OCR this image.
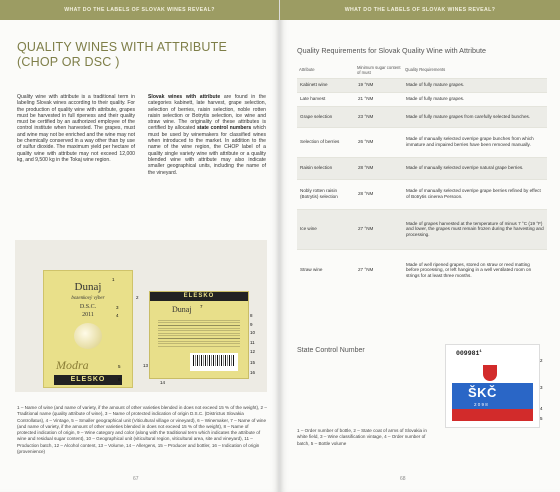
WHAT DO THE LABELS OF SLOVAK WINES REVEAL?
QUALITY WINES WITH ATTRIBUTE
(CHOP OR DSC )
Quality wine with attribute is a traditional term in labeling Slovak wines according to their quality. For the production of quality wine with attribute, grapes must be harvested in full ripeness and their quality must be certified by an authorized employee of the control institute when harvested. The grapes, must and wine may not be enriched and the wine may not be chemically conserved in a way other than by use of sulfur dioxide. The maximum yield per hectare of quality wine with attribute may not exceed 12,000 kg, and 9,500 kg in the Tokaj wine region.
Slovak wines with attribute are found in the categories kabinett, late harvest, grape selection, selection of berries, raisin selection, noble rotten raisin selection or Botrytis selection, ice wine and straw wine. The originality of these attributes is certified by allocated state control numbers which must be used by winemakers for classified wines when introduced to the market. In addition to the name of the wine region, the CHOP label of a quality single variety wine with attribute or a quality blended wine with attribute may also indicate smaller geographical units, including the name of the vineyard.
Dunaj
bozenkový výber
D.S.C.
2011
Modra
ELESKO
ELESKO
Dunaj
1
2
3
4
5
6
7
8
9
10
11
12
13
14
15
16
1 – Name of wine (and name of variety, if the amount of other varieties blended in does not exceed 15 % of the weight), 2 – Traditional name (quality attribute of wine), 3 – Name of protected indication of origin D.S.C. (Districtus Slovakia Controllatus), 4 – Vintage, 5 – Smaller geographical unit (Viticultural village or vineyard), 6 – Winemaker, 7 – Name of wine (and name of variety, if the amount of other varieties blended in does not exceed 15 % of the weight), 8 – Name of protected indication of origin, 9 – Wine category and color (along with the traditional term which indicates the attribute of wine and residual sugar content), 10 – Geographical unit (viticultural region, viticultural area, site and vineyard), 11 – Production batch, 12 – Alcohol content, 13 – Volume, 14 – Allergens, 15 – Producer and bottler, 16 – Indication of origin (provenience)
67
WHAT DO THE LABELS OF SLOVAK WINES REVEAL?
Quality Requirements for Slovak Quality Wine with Attribute
Attribute	Minimum sugar content of must	Quality Requirements
Kabinett wine	19 °NM	Made of fully mature grapes.
Late harvest	21 °NM	Made of fully mature grapes.
Grape selection	23 °NM	Made of fully mature grapes from carefully selected bunches.
Selection of berries	26 °NM	Made of manually selected overripe grape bunches from which immature and impaired berries have been removed manually.
Raisin selection	28 °NM	Made of manually selected overripe natural grape berries.
Nobly rotten raisin (Botrytis) selection	28 °NM	Made of manually selected overripe grape berries refined by effect of Botrytis cinerea Persoon.
Ice wine	27 °NM	Made of grapes harvested at the temperature of minus 7 °C (19 °F) and lower, the grapes must remain frozen during the harvesting and processing.
Straw wine	27 °NM	Made of well ripened grapes, stored on straw or reed matting before processing, or left hanging in a well ventilated room on strings for at least three months.
State Control Number	009981$^1$
ŠKČ
2 0 9 8
2
3
4
5
1 – Order number of bottle, 2 – State coat of arms of Slovakia in white field, 3 – Wine classification vintage, 4 – Order number of batch, 5 – Bottle volume
68
